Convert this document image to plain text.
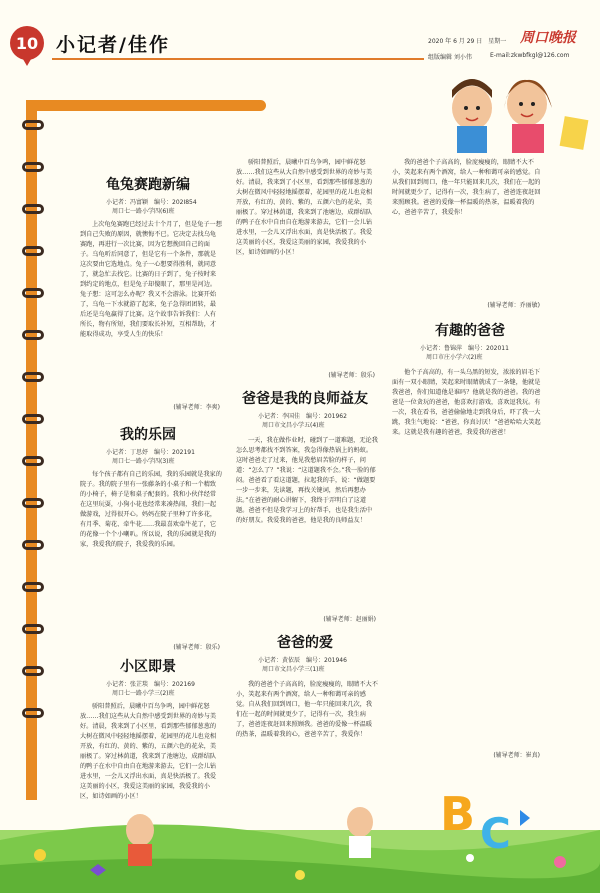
10 小记者/佳作	2020 年 6 月 29 日　星期一 周口晚报
组版编辑 刘小伟	E-mail:zkwbfkgl@126.com
B C
龟兔赛跑新编
小记者：冯富颖　编号：202I854
周口七一路小学四(6)班

上次龟兔赛跑已经过去十个月了，但是兔子一想到自己失败的原因，就懊悔不已。它决定去找乌龟赛跑，再进行一次比赛，因为它想挽回自己的面子。乌龟听后同意了，但是它有一个条件，那就是这次要由它选地点。兔子一心想要得胜利，就同意了，就急忙去找它。比赛的日子到了，兔子按时来到约定的地点，但是兔子却傻眼了，那里是河边。兔子想：这可怎么办呢？我又不会游泳。比赛开始了，乌龟一下水就游了起来，兔子急得团团转，最后还是乌龟赢得了比赛。这个故事告诉我们：人有所长，物有所短，我们要取长补短，互相帮助，才能取得成功，享受人生的快乐！

(辅导老师：李爽)
我的乐园
小记者：丁思妤　编号：202191
周口七一路小学四(3)班

每个孩子都有自己的乐园，我的乐园就是我家的院子。我的院子里有一张藤条的小桌子和一个精致的小椅子，椅子是和桌子配套的。我和小伙伴经常在这里玩耍，小狗小花也经常来凑热闹，我们一起做游戏，过得很开心。妈妈在院子里种了许多花，有月季、菊花、牵牛花……我最喜欢牵牛花了，它的花像一个个小喇叭。所以说，我的乐园就是我的家，我爱我的院子，我爱我的乐园。

(辅导老师：殷乐)
小区即景
小记者：张芷琰　编号：202169
周口七一路小学三(2)班

骄阳普照后，晨曦中百鸟争鸣，园中鲜花怒放……我们这些从大自然中感受到世界的奇妙与美好。清晨，我来到了小区里，看到那些郁郁葱葱的大树在微风中轻轻地摇摆着，花园里的花儿也竞相开放，有红的、黄的、紫的，五颜六色的花朵，美丽极了。穿过林荫道，我来到了池塘边，成群结队的鸭子在水中自由自在地游来游去，它们一会儿钻进水里，一会儿又浮出水面，真是快活极了。我爱这美丽的小区，我爱这美丽的家园，我爱我的小区，如诗如画的小区！

(辅导老师：殷乐)

骄阳普照后，晨曦中百鸟争鸣，园中鲜花怒放……我们这些从大自然中感受到世界的奇妙与美好。清晨，我来到了小区里，看到那些郁郁葱葱的大树在微风中轻轻地摇摆着，花园里的花儿也竞相开放，有红的、黄的、紫的，五颜六色的花朵，美丽极了。穿过林荫道，我来到了池塘边，成群结队的鸭子在水中自由自在地游来游去，它们一会儿钻进水里，一会儿又浮出水面，真是快活极了。我爱这美丽的小区，我爱这美丽的家园，我爱我的小区，如诗如画的小区！

爸爸是我的良师益友
小记者：李国佳　编号：201962
周口市文昌小学五(4)班

一天，我在做作业时，碰到了一道难题，无论我怎么思考都找不到答案，我急得像热锅上的蚂蚁。这时爸爸走了过来，他见我愁眉苦脸的样子，问道：“怎么了？”我说：“这道题我不会。”我一脸的郁闷。爸爸看了看这道题，拉起我的手，说：“做题要一步一步来，先读题，再找关键词，然后再想办法。”在爸爸的耐心讲解下，我终于弄明白了这道题。爸爸不但是我学习上的好帮手，也是我生活中的好朋友。我爱我的爸爸，他是我的良师益友！

(辅导老师：赵丽娟)
爸爸的爱
小记者：黄依辰　编号：201946
周口市文昌小学三(1)班

我的爸爸个子高高的，脸庞瘦瘦的，眼睛不大不小，笑起来有两个酒窝，给人一种和蔼可亲的感觉。自从我们回到周口，他一年只能回来几次，我们在一起的时间就更少了，记得有一次，我生病了，爸爸连夜赶回来照顾我。爸爸的爱像一杯温暖的热茶，温暖着我的心，爸爸辛苦了，我爱你！

我的爸爸个子高高的，脸庞瘦瘦的，眼睛不大不小，笑起来有两个酒窝，给人一种和蔼可亲的感觉。自从我们回到周口，他一年只能回来几次，我们在一起的时间就更少了，记得有一次，我生病了，爸爸连夜赶回来照顾我。爸爸的爱像一杯温暖的热茶，温暖着我的心，爸爸辛苦了，我爱你！

(辅导老师：乔丽敏)
有趣的爸爸
小记者：鲁锦萍　编号：202011
周口市庄小学六(2)班

他个子高高的，有一头乌黑的短发，浓浓的眉毛下面有一双小眼睛，笑起来时眼睛就成了一条缝，他就是我爸爸，你们知道他是谁吗？他就是我的爸爸。我的爸爸是一位贪玩的爸爸，他喜欢打游戏，喜欢逗我玩。有一次，我在看书，爸爸偷偷地走到我身后，吓了我一大跳，我生气地说：“爸爸，你真讨厌！”爸爸哈哈大笑起来。这就是我有趣的爸爸，我爱我的爸爸！

(辅导老师：崔真)
